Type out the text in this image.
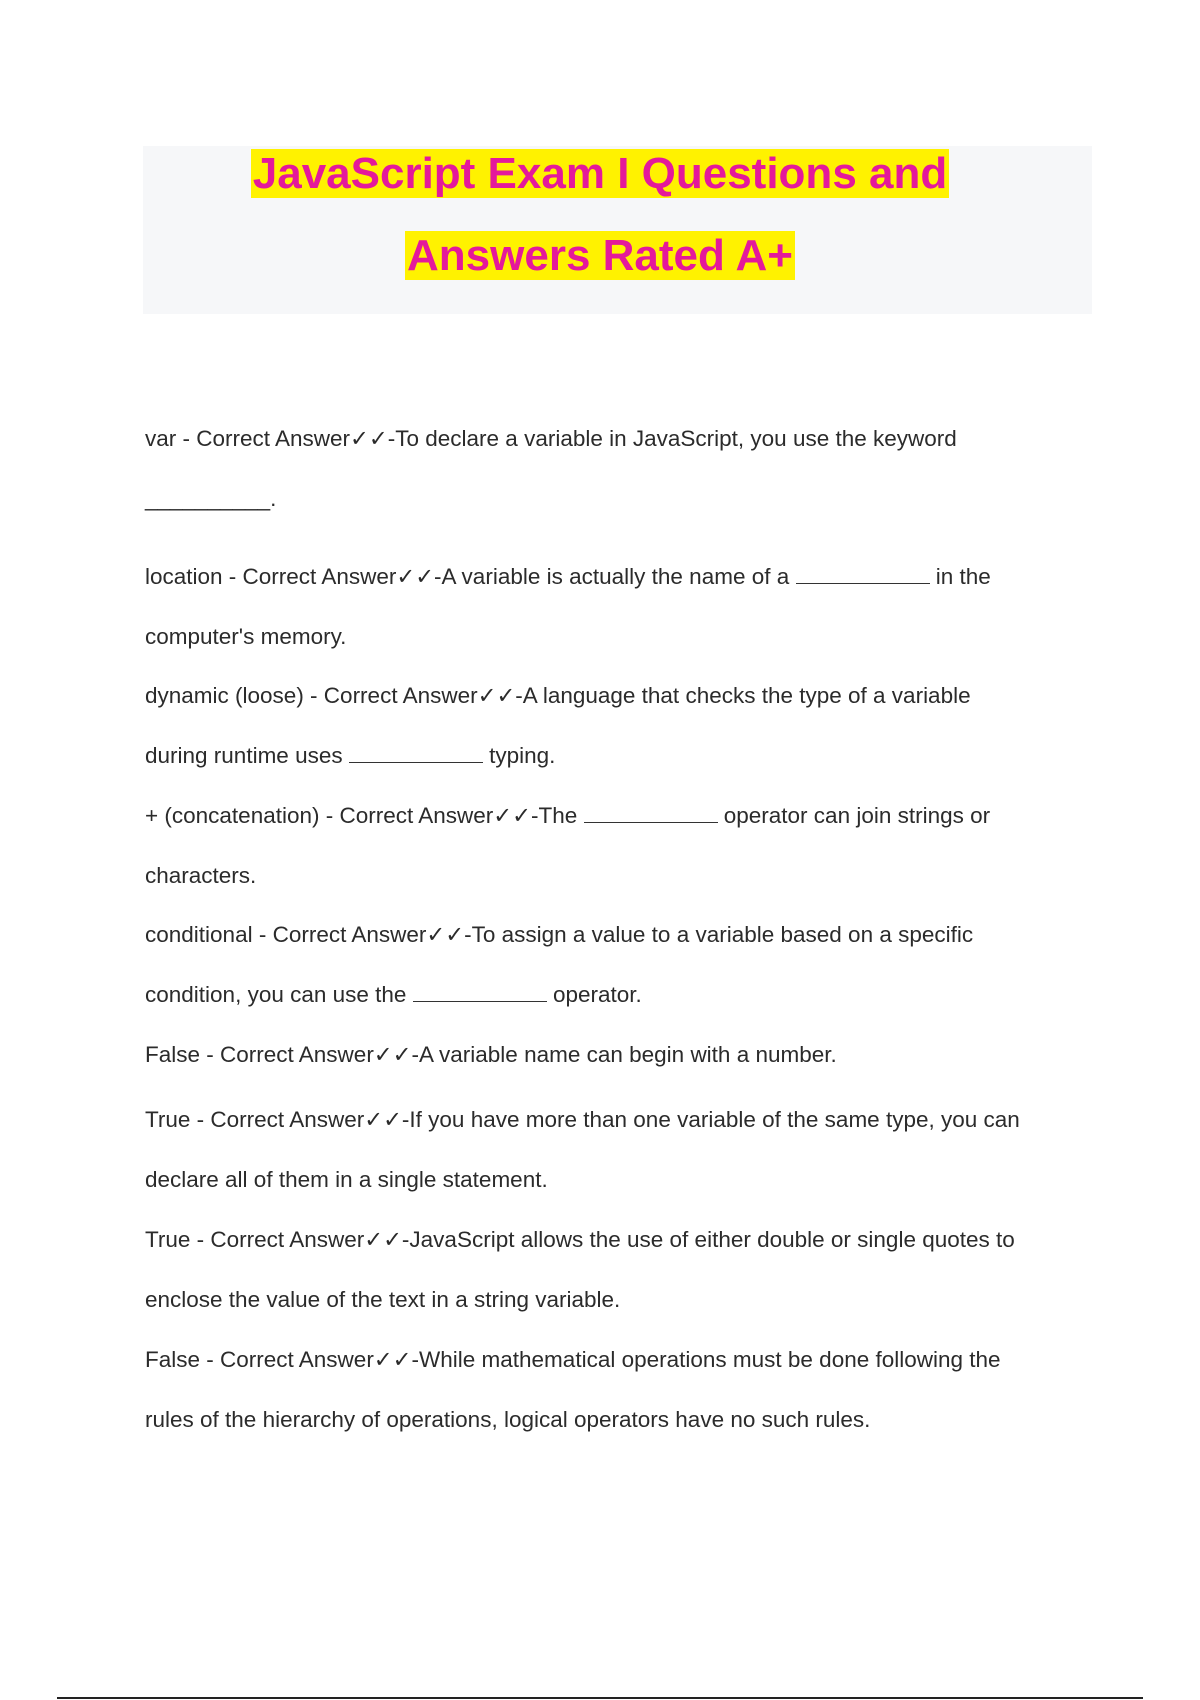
JavaScript Exam I Questions and
Answers Rated A+
var - Correct Answer✓✓-To declare a variable in JavaScript, you use the keyword
__________.
location - Correct Answer✓✓-A variable is actually the name of a	in the
computer's memory.
dynamic (loose) - Correct Answer✓✓-A language that checks the type of a variable
during runtime uses	typing.
+ (concatenation) - Correct Answer✓✓-The	operator can join strings or
characters.
conditional - Correct Answer✓✓-To assign a value to a variable based on a specific
condition, you can use the	operator.
False - Correct Answer✓✓-A variable name can begin with a number.
True - Correct Answer✓✓-If you have more than one variable of the same type, you can
declare all of them in a single statement.
True - Correct Answer✓✓-JavaScript allows the use of either double or single quotes to
enclose the value of the text in a string variable.
False - Correct Answer✓✓-While mathematical operations must be done following the
rules of the hierarchy of operations, logical operators have no such rules.
